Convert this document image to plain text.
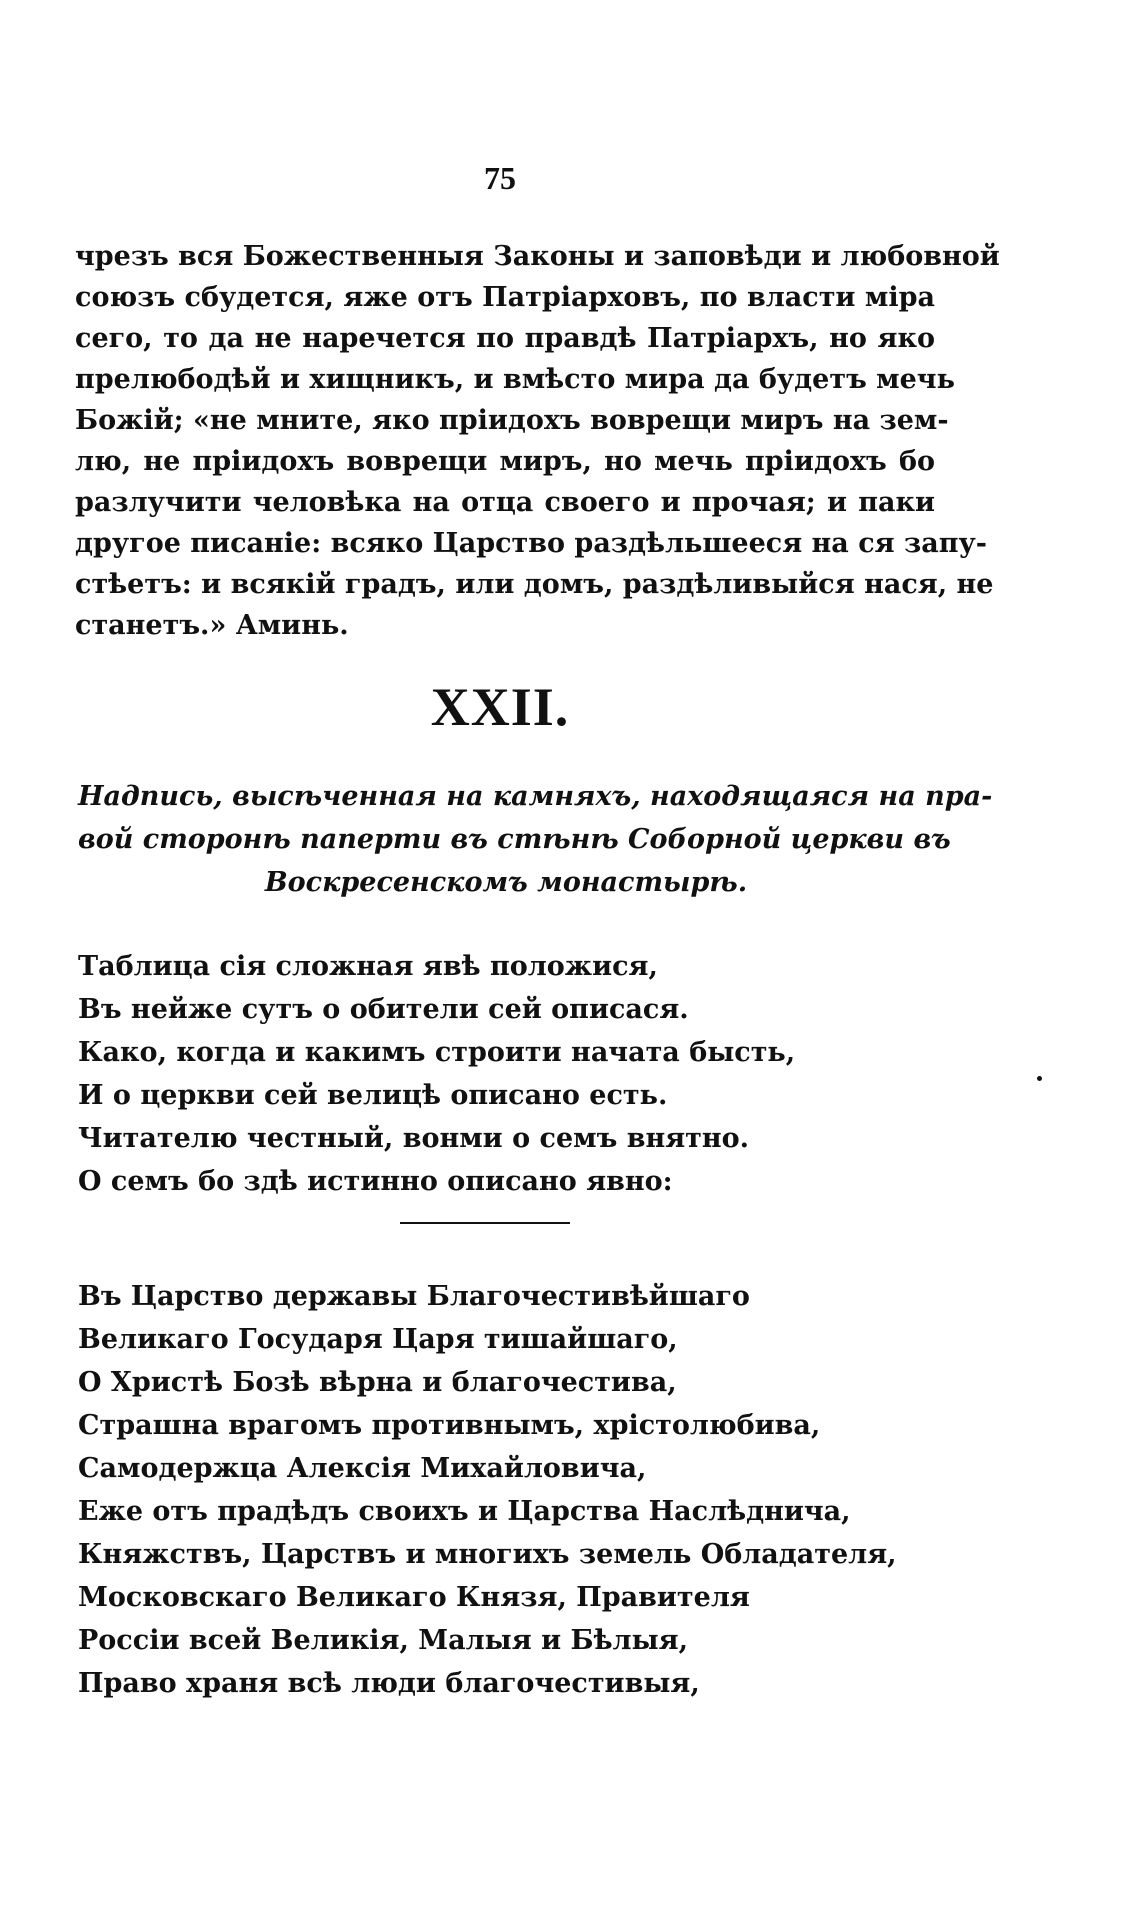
75
чрезъ вся Божественныя Законы и заповѣди и любовной
союзъ сбудется, яже отъ Патріарховъ, по власти міра
сего, то да не наречется по правдѣ Патріархъ, но яко
прелюбодѣй и хищникъ, и вмѣсто мира да будетъ мечь
Божій; «не мните, яко пріидохъ воврещи миръ на зем-
лю, не пріидохъ воврещи миръ, но мечь пріидохъ бо
разлучити человѣка на отца своего и прочая; и паки
другое писаніе: всяко Царство раздѣльшееся на ся запу-
стѣетъ: и всякій градъ, или домъ, раздѣливыйся нася, не
станетъ.» Аминь.
XXII.
Надпись, высѣченная на камняхъ, находящаяся на пра-
вой сторонѣ паперти въ стѣнѣ Соборной церкви въ
Воскресенскомъ монастырѣ.
Таблица сія сложная явѣ положися,
Въ нейже сутъ о обители сей описася.
Како, когда и какимъ строити начата бысть,
И о церкви сей велицѣ описано есть.
Читателю честный, вонми о семъ внятно.
О семъ бо здѣ истинно описано явно:
Въ Царство державы Благочестивѣйшаго
Великаго Государя Царя тишайшаго,
О Христѣ Бозѣ вѣрна и благочестива,
Страшна врагомъ противнымъ, хрістолюбива,
Самодержца Алексія Михайловича,
Еже отъ прадѣдъ своихъ и Царства Наслѣднича,
Княжствъ, Царствъ и многихъ земель Обладателя,
Московскаго Великаго Князя, Правителя
Россіи всей Великія, Малыя и Бѣлыя,
Право храня всѣ люди благочестивыя,
